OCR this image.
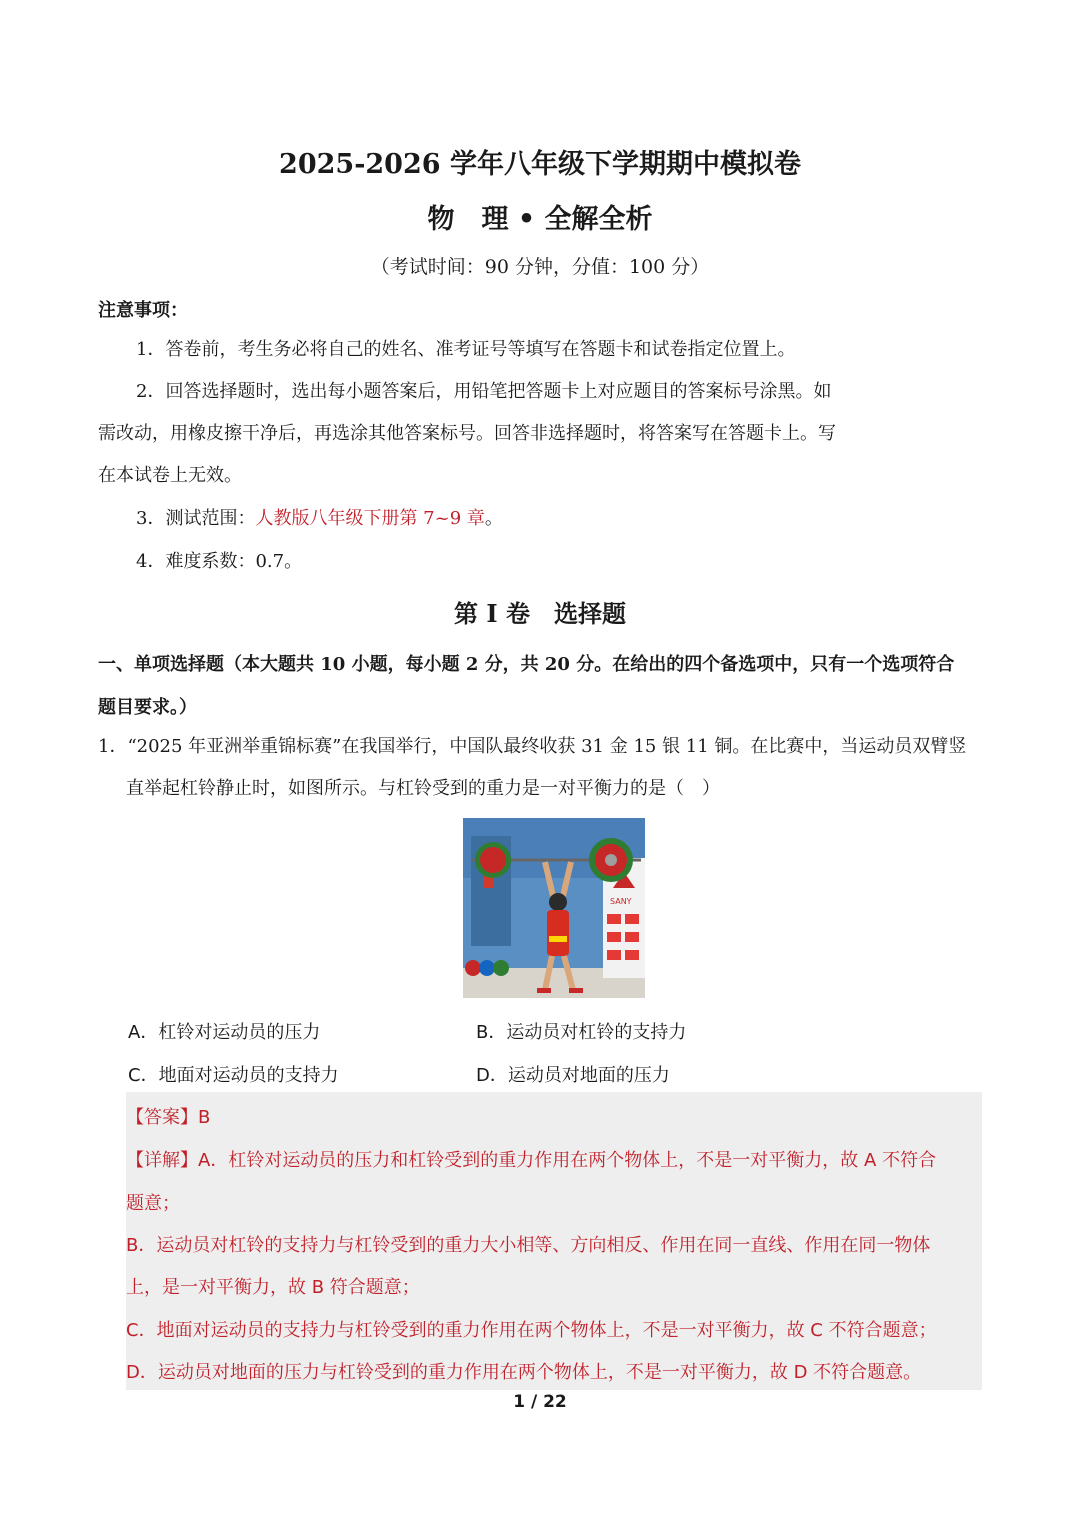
2025-2026 学年八年级下学期期中模拟卷
物　理 • 全解全析
（考试时间：90 分钟，分值：100 分）
注意事项：
1．答卷前，考生务必将自己的姓名、准考证号等填写在答题卡和试卷指定位置上。
2．回答选择题时，选出每小题答案后，用铅笔把答题卡上对应题目的答案标号涂黑。如
需改动，用橡皮擦干净后，再选涂其他答案标号。回答非选择题时，将答案写在答题卡上。写
在本试卷上无效。
3．测试范围：人教版八年级下册第 7~9 章。
4．难度系数：0.7。
第 I 卷　选择题
一、单项选择题（本大题共 10 小题，每小题 2 分，共 20 分。在给出的四个备选项中，只有一个选项符合
题目要求。）
1．“2025 年亚洲举重锦标赛”在我国举行，中国队最终收获 31 金 15 银 11 铜。在比赛中，当运动员双臂竖
直举起杠铃静止时，如图所示。与杠铃受到的重力是一对平衡力的是（　）
SANY
A．杠铃对运动员的压力	B．运动员对杠铃的支持力
C．地面对运动员的支持力	D．运动员对地面的压力
【答案】B
【详解】A．杠铃对运动员的压力和杠铃受到的重力作用在两个物体上，不是一对平衡力，故 A 不符合
题意；
B．运动员对杠铃的支持力与杠铃受到的重力大小相等、方向相反、作用在同一直线、作用在同一物体
上，是一对平衡力，故 B 符合题意；
C．地面对运动员的支持力与杠铃受到的重力作用在两个物体上，不是一对平衡力，故 C 不符合题意；
D．运动员对地面的压力与杠铃受到的重力作用在两个物体上，不是一对平衡力，故 D 不符合题意。
1 / 22
